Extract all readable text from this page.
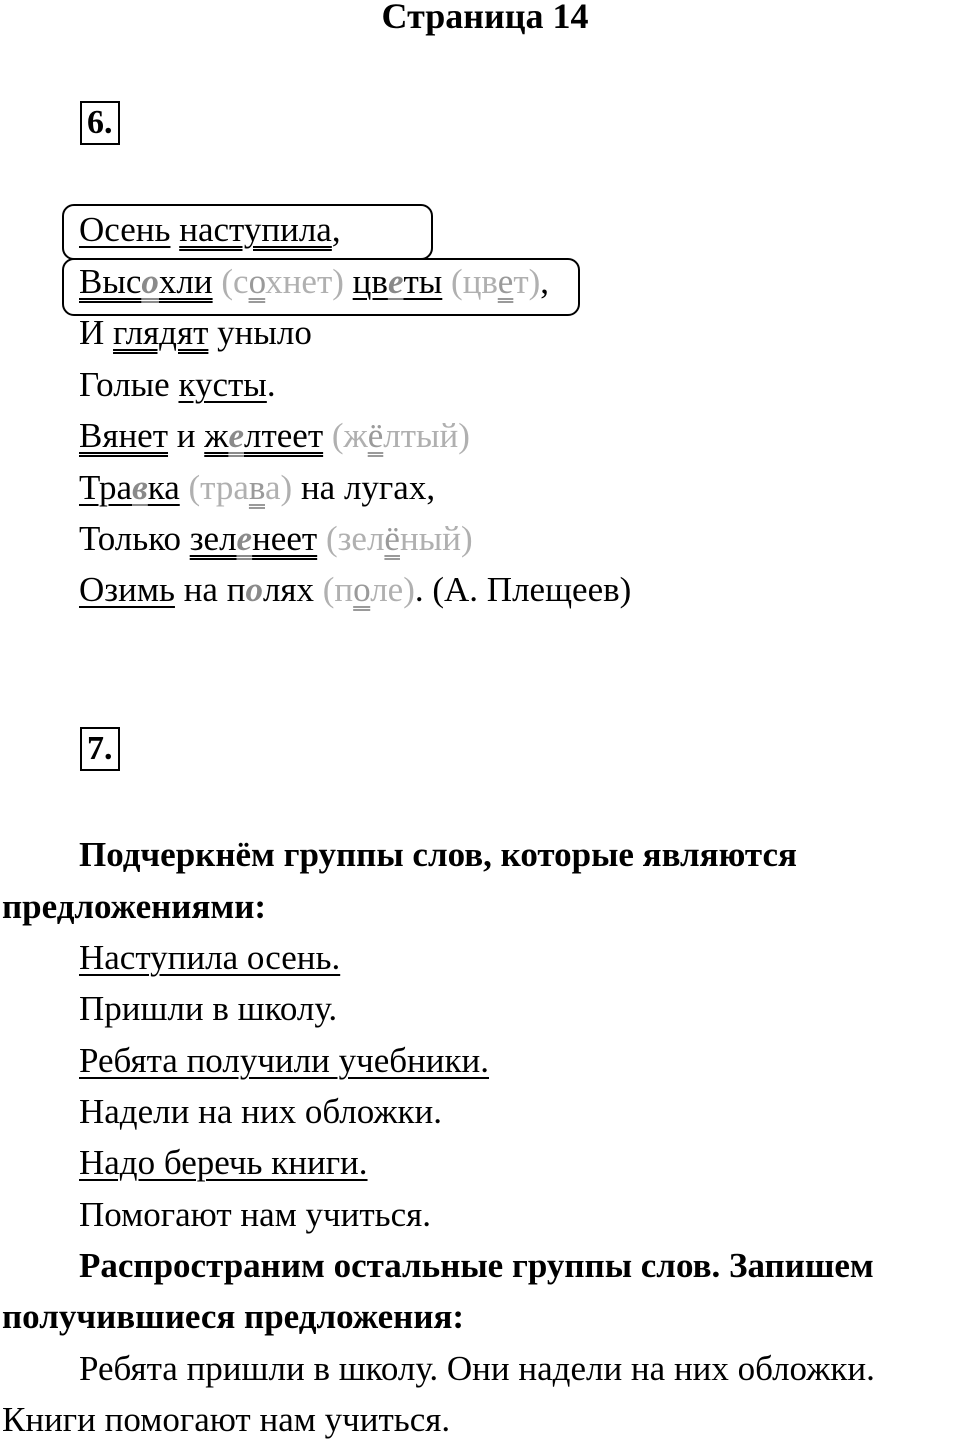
Страница 14
6.
Осень наступила,
Высохли (сохнет) цветы (цвет),
И глядят уныло
Голые кусты.
Вянет и желтеет (жёлтый)
Травка (трава) на лугах,
Только зеленеет (зелёный)
Озимь на полях (поле). (А. Плещеев)
7.
Подчеркнём группы слов, которые являются
предложениями:
Наступила осень.
Пришли в школу.
Ребята получили учебники.
Надели на них обложки.
Надо беречь книги.
Помогают нам учиться.
Распространим остальные группы слов. Запишем
получившиеся предложения:
Ребята пришли в школу. Они надели на них обложки.
Книги помогают нам учиться.
